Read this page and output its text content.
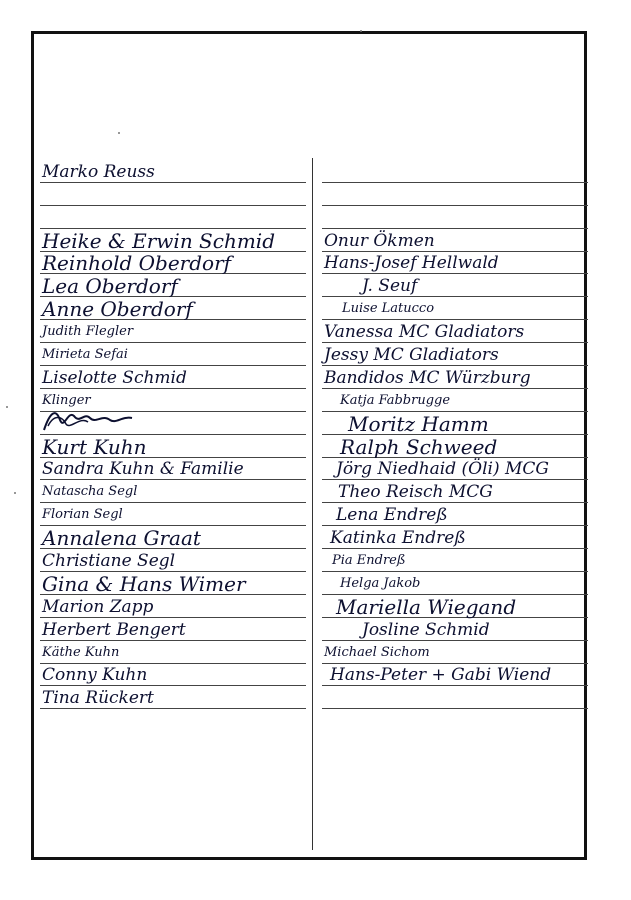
Marko Reuss
Heike & Erwin Schmid
Reinhold Oberdorf
Lea Oberdorf
Anne Oberdorf
Judith Flegler
Mirieta Sefai
Liselotte Schmid
Klinger
Kurt Kuhn
Sandra Kuhn & Familie
Natascha Segl
Florian Segl
Annalena Graat
Christiane Segl
Gina & Hans Wimer
Marion Zapp
Herbert Bengert
Käthe Kuhn
Conny Kuhn
Tina Rückert
Onur Ökmen
Hans-Josef Hellwald
J. Seuf
Luise Latucco
Vanessa MC Gladiators
Jessy MC Gladiators
Bandidos MC Würzburg
Katja Fabbrugge
Moritz Hamm
Ralph Schweed
Jörg Niedhaid (Öli) MCG
Theo Reisch MCG
Lena Endreß
Katinka Endreß
Pia Endreß
Helga Jakob
Mariella Wiegand
Josline Schmid
Michael Sichom
Hans-Peter + Gabi Wiend
